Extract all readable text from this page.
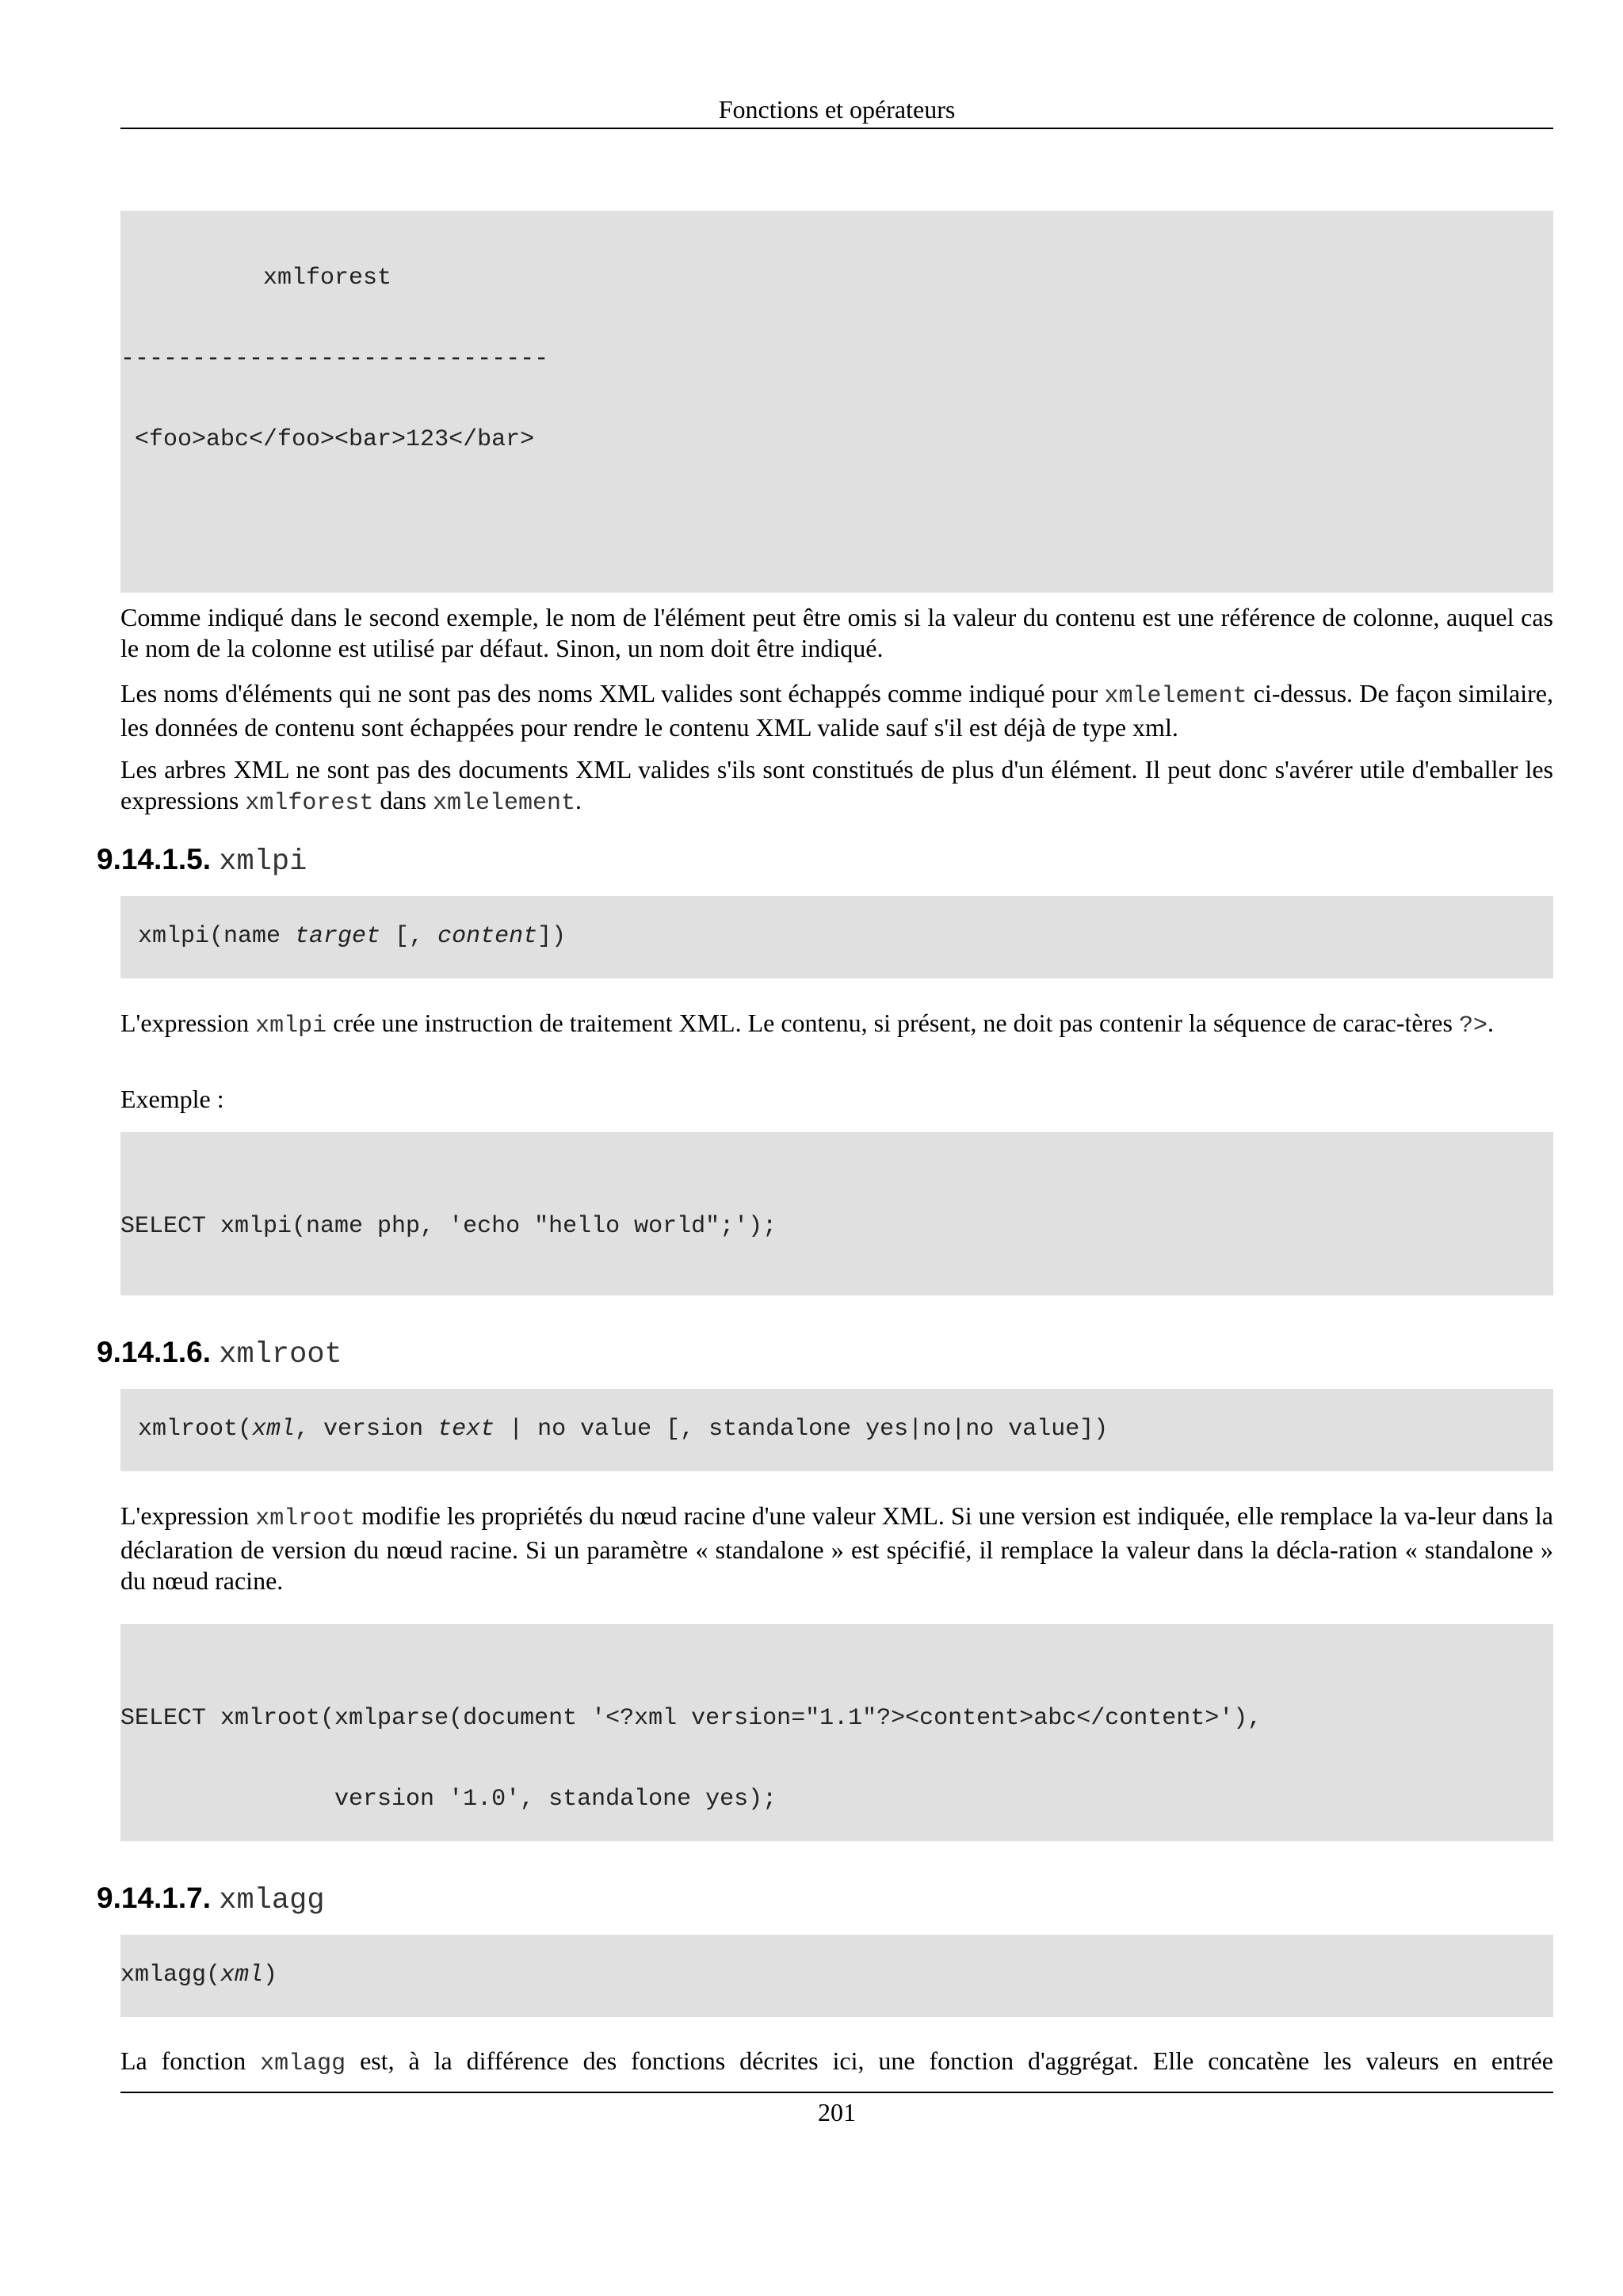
Fonctions et opérateurs

xmlforest

------------------------------

<foo>abc</foo><bar>123</bar>

Comme indiqué dans le second exemple, le nom de l'élément peut être omis si la valeur du contenu est une référence de colonne, auquel cas le nom de la colonne est utilisé par défaut. Sinon, un nom doit être indiqué.
Les noms d'éléments qui ne sont pas des noms XML valides sont échappés comme indiqué pour xmlelement ci-dessus. De façon similaire, les données de contenu sont échappées pour rendre le contenu XML valide sauf s'il est déjà de type xml.
Les arbres XML ne sont pas des documents XML valides s'ils sont constitués de plus d'un élément. Il peut donc s'avérer utile d'emballer les expressions xmlforest dans xmlelement.
9.14.1.5. xmlpi
xmlpi(name target [, content])
L'expression xmlpi crée une instruction de traitement XML. Le contenu, si présent, ne doit pas contenir la séquence de carac-tères ?>.
Exemple :

SELECT xmlpi(name php, 'echo "hello world";');

9.14.1.6. xmlroot
xmlroot(xml, version text | no value [, standalone yes|no|no value])
L'expression xmlroot modifie les propriétés du nœud racine d'une valeur XML. Si une version est indiquée, elle remplace la va-leur dans la déclaration de version du nœud racine. Si un paramètre « standalone » est spécifié, il remplace la valeur dans la décla-ration « standalone » du nœud racine.

SELECT xmlroot(xmlparse(document '<?xml version="1.1"?><content>abc</content>'),

version '1.0', standalone yes);

9.14.1.7. xmlagg
xmlagg(xml)
La fonction xmlagg est, à la différence des fonctions décrites ici, une fonction d'aggrégat. Elle concatène les valeurs en entrée
201
